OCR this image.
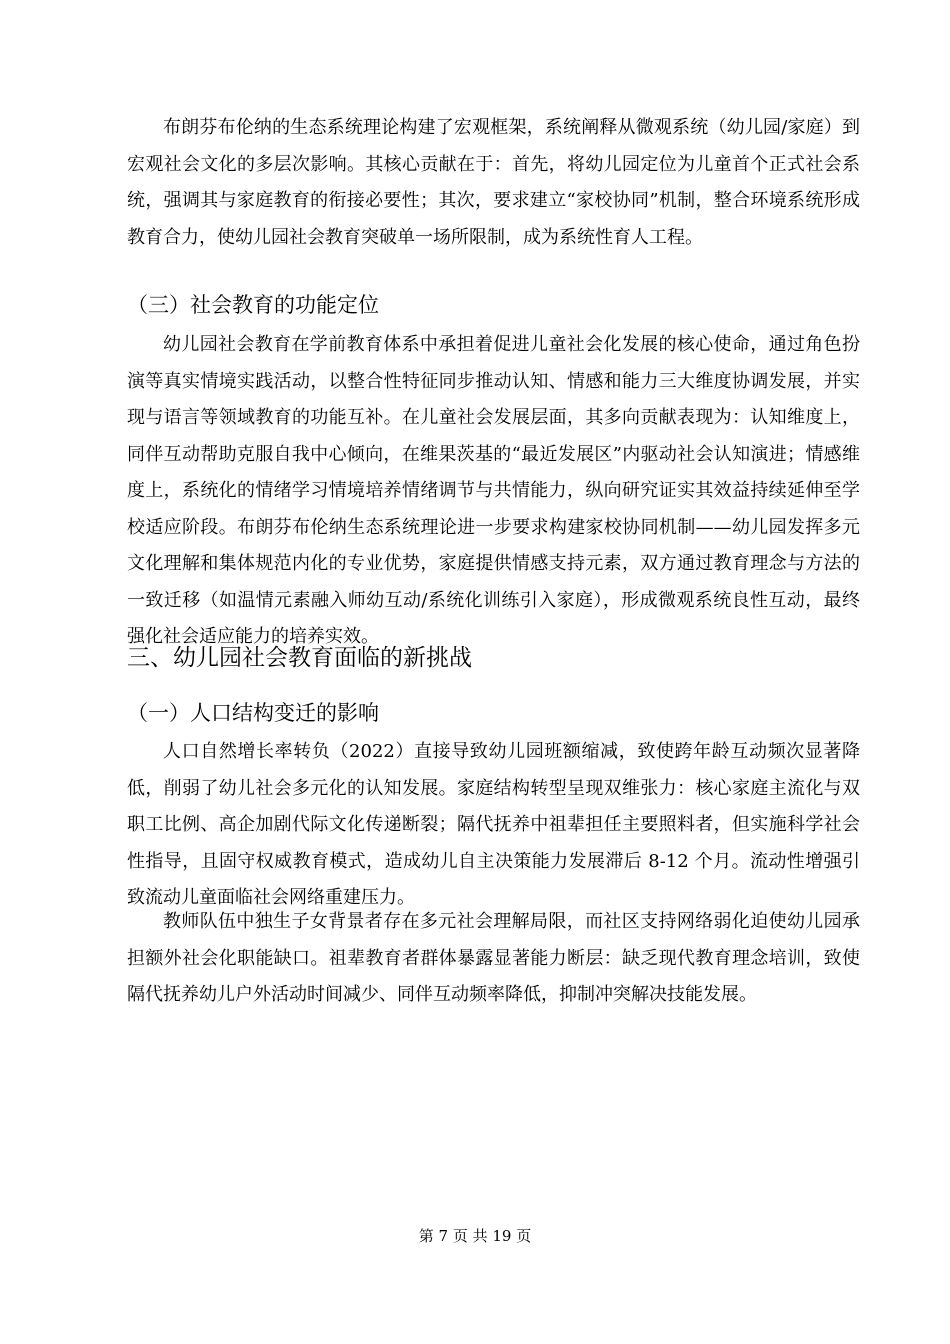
布朗芬布伦纳的生态系统理论构建了宏观框架，系统阐释从微观系统（幼儿园/家庭）到宏观社会文化的多层次影响。其核心贡献在于：首先，将幼儿园定位为儿童首个正式社会系统，强调其与家庭教育的衔接必要性；其次，要求建立“家校协同”机制，整合环境系统形成教育合力，使幼儿园社会教育突破单一场所限制，成为系统性育人工程。

（三）社会教育的功能定位

幼儿园社会教育在学前教育体系中承担着促进儿童社会化发展的核心使命，通过角色扮演等真实情境实践活动，以整合性特征同步推动认知、情感和能力三大维度协调发展，并实现与语言等领域教育的功能互补。在儿童社会发展层面，其多向贡献表现为：认知维度上，同伴互动帮助克服自我中心倾向，在维果茨基的“最近发展区”内驱动社会认知演进；情感维度上，系统化的情绪学习情境培养情绪调节与共情能力，纵向研究证实其效益持续延伸至学校适应阶段。布朗芬布伦纳生态系统理论进一步要求构建家校协同机制——幼儿园发挥多元文化理解和集体规范内化的专业优势，家庭提供情感支持元素，双方通过教育理念与方法的一致迁移（如温情元素融入师幼互动/系统化训练引入家庭），形成微观系统良性互动，最终强化社会适应能力的培养实效。

三、幼儿园社会教育面临的新挑战
（一）人口结构变迁的影响

人口自然增长率转负（2022）直接导致幼儿园班额缩减，致使跨年龄互动频次显著降低，削弱了幼儿社会多元化的认知发展。家庭结构转型呈现双维张力：核心家庭主流化与双职工比例、高企加剧代际文化传递断裂；隔代抚养中祖辈担任主要照料者，但实施科学社会性指导，且固守权威教育模式，造成幼儿自主决策能力发展滞后 8-12 个月。流动性增强引致流动儿童面临社会网络重建压力。

教师队伍中独生子女背景者存在多元社会理解局限，而社区支持网络弱化迫使幼儿园承担额外社会化职能缺口。祖辈教育者群体暴露显著能力断层：缺乏现代教育理念培训，致使隔代抚养幼儿户外活动时间减少、同伴互动频率降低，抑制冲突解决技能发展。

第 7 页 共 19 页
